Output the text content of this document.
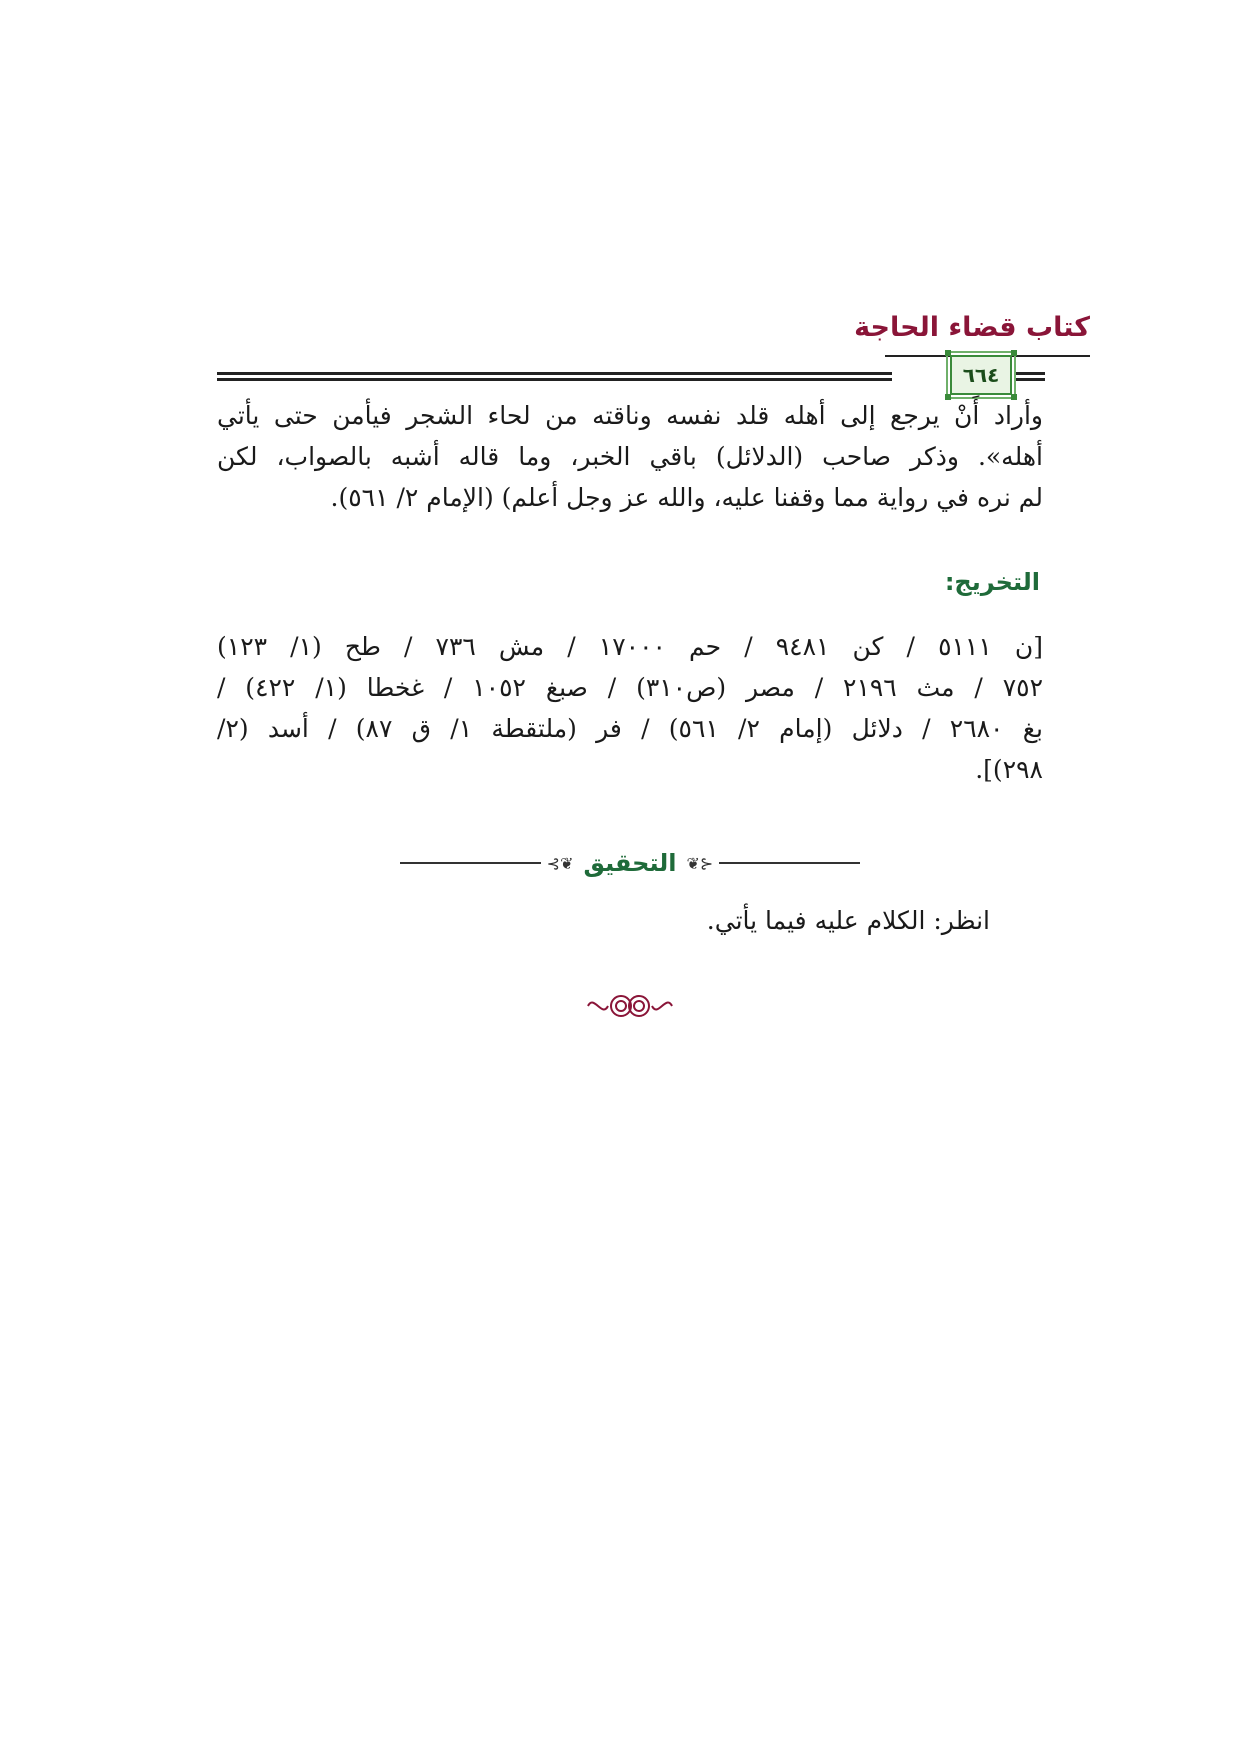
كتاب قضاء الحاجة
٦٦٤
وأراد أَنْ يرجع إلى أهله قلد نفسه وناقته من لحاء الشجر فيأمن حتى يأتي
أهله». وذكر صاحب (الدلائل) باقي الخبر، وما قاله أشبه بالصواب، لكن
لم نره في رواية مما وقفنا عليه، والله عز وجل أعلم) (الإمام ٢/ ٥٦١).
التخريج:
[ن ٥١١١ / كن ٩٤٨١ / حم ١٧٠٠٠ / مش ٧٣٦ / طح (١/ ١٢٣)
٧٥٢ / مث ٢١٩٦ / مصر (ص٣١٠) / صبغ ١٠٥٢ / غخطا (١/ ٤٢٢) /
بغ ٢٦٨٠ / دلائل (إمام ٢/ ٥٦١) / فر (ملتقطة ١/ ق ٨٧) / أسد (٢/
٢٩٨)].
⊰❦
التحقيق
❦⊱
انظر: الكلام عليه فيما يأتي.
